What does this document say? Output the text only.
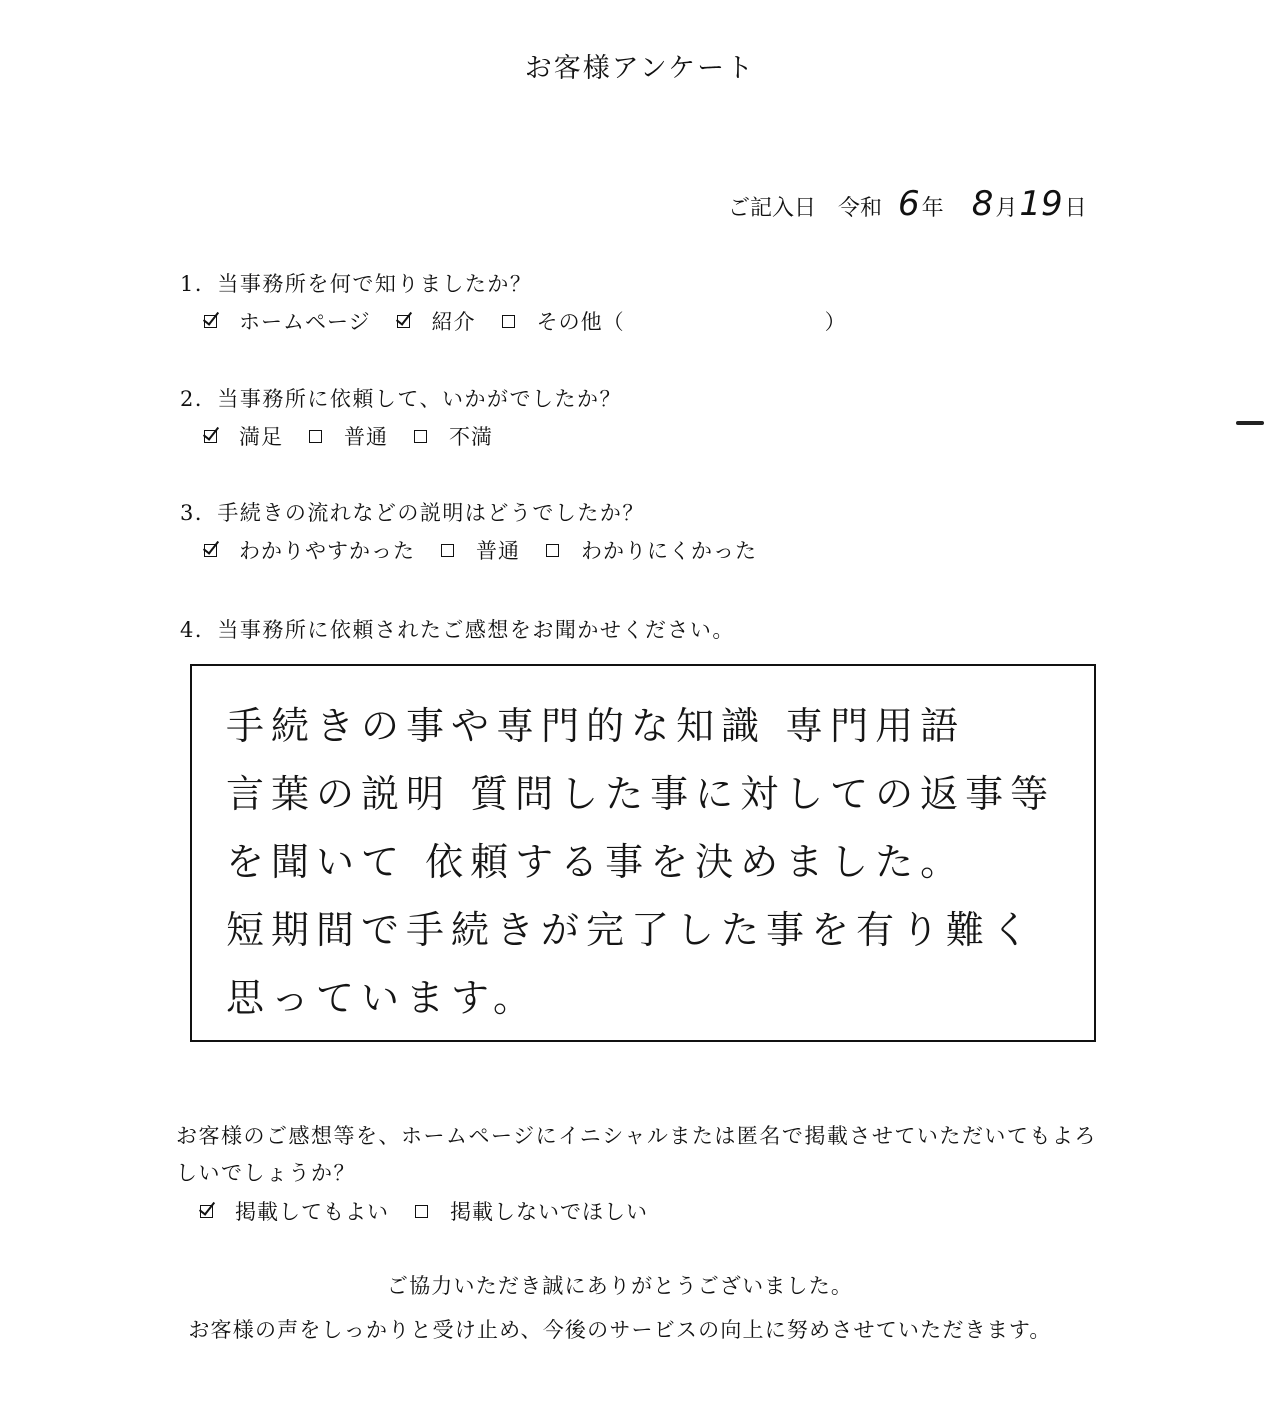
お客様アンケート
ご記入日 令和 6 年 8 月 19 日
1．当事務所を何で知りましたか？
ホームページ	紹介	その他（	）
2．当事務所に依頼して、いかがでしたか？
満足	普通	不満
3．手続きの流れなどの説明はどうでしたか？
わかりやすかった	普通	わかりにくかった
4．当事務所に依頼されたご感想をお聞かせください。
手続きの事や専門的な知識 専門用語
言葉の説明 質問した事に対しての返事等
を聞いて 依頼する事を決めました。
短期間で手続きが完了した事を有り難く
思っています。
お客様のご感想等を、ホームページにイニシャルまたは匿名で掲載させていただいてもよろしいでしょうか？
掲載してもよい	掲載しないでほしい
ご協力いただき誠にありがとうございました。
お客様の声をしっかりと受け止め、今後のサービスの向上に努めさせていただきます。
